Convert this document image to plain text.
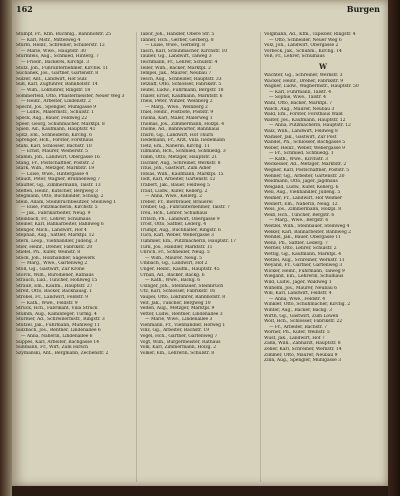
162	Burgen
Stumpf, Fr., Kfm. Buchhlg., Bahnhofstr. 25
— Karl, Mstr., Mittelweg 4
Sturm, Heinr., Schreiner, Schillerstr. 12
— Marie, Wwe., Hauptstr. 30
Sturmfels, Aug., Schmied, Hinterg. 7
— Friedr., Bäckerei, Kirchpl. 3
Stutz, Joh., Fuhrunternehmer, Kirchw. 11
Suchanek, Jos., Gärtner, Gartenstr. 8
Sulzer, Ant., Landwirt, Hof Sulz
Süß, Karl, Zugführer, Bahnhofstr. 14
— Wilh., Lokführer, Ringstr. 18
Sommerfeld, Otto, Pflastermeister, Neuer Weg 3
— Heinr., Arbeiter, Lindenstr. 2
Specht, Jos., Spengler, Mühlgasse 9
— Ludw., Malermstr., Schulstr. 1
Speck, Aug., Bauer, Feldweg 22
Speer, Georg, Schuhmacher, Marktpl. 8
Spieß, Ad., Kaufmann, Hauptstr. 41
Spitz, Em., Schneiderin, Kirchg. 6
Sprenger, Hch., Förster, Forsthaus
Stahl, Karl, Schlosser, Bachstr. 10
— Ernst, Maurer, Weiherstr. 5
Stamm, Joh., Landwirt, Obergasse 16
Stang, Fr., Postschaffner, Poststr. 2
Stark, Wilh., Metzger, Marktstr. 19
— Luise, Wwe., Hintergasse 4
Staudt, Peter, Wagner, Brunnenweg 7
Stauffer, Gg., Zimmermann, Talstr. 13
Steffen, Heinr., Kutscher, Bergweg 3
Stegmann, Otto, Buchbinder, Schulg. 2
Stein, Adam, Steinbruchbesitzer, Steinweg 1
— Elise, Putzmacherin, Kirchstr. 5
— Jak., Fabrikarbeiter, Neug. 9
Steinbach, Fr., Lehrer, Schulhaus
Steiner, Karl, Bahnarbeiter, Bahnweg 6
Stenger, Mich., Landwirt, Hof 4
Stephan, Aug., Sattler, Marktpl. 12
Stern, Leop., Viehhändler, Judeng. 3
Stier, Heinr., Dreher, Fabrikstr. 20
Stiefel, Ph., Küfer, Weinstr. 8
Stock, Joh., Holzhändler, Sägewerk
— Marg., Wwe., Gartenweg 2
Stoll, Gg., Gastwirt, Zur Krone
Storck, Wilh., Bürodiener, Rathaus
Strauch, Lud., Tüncher, Hohlweg 15
Strauß, Em., Kaufm., Hauptstr. 27
Streit, Otto, Bäcker, Backhausg. 1
Strobel, Fr., Landwirt, Feldstr. 9
— Kath., Wwe., Feldstr. 9
Struck, Hch., Fabrikant, Villa Struck
Stumm, Aug., Kaminfeger, Turmg. 4
Stürmer, Ad., Schreinermstr., Ringstr. 3
Stützel, Jak., Fuhrmann, Mühlweg 11
Sulzbach, Jos., Rentner, Lindenallee 6
— Anna, Näherin, Lindenallee 6
Suppes, Karl, Arbeiter, Bachgasse 14
Süßmann, Fr., Wirt, Zum Hirsch
Szymanski, Ant., Bergmann, Zechenstr. 2
Tabor, Joh., Händler, Obere Str. 5
Tanner, Hch., Gerber, Gerberg. 8
— Luise, Wwe., Gerberg. 8
Tasch, Karl, Schuhmacher, Kirchstr. 10
Tauber, Gg., Landwirt, Talweg 3
Teichmann, Fr., Lehrer, Schulstr. 4
Teller, Wilh., Bäcker, Marktpl. 2
Tempel, Jak., Maurer, Neubau 7
Tesch, Aug., Schneider, Hauptstr. 33
Tetzlaff, Otto, Schlosser, Fabrikstr. 5
Teufel, Ludw., Fuhrmann, Bergstr. 18
Thaler, Ernst, Kaufmann, Marktstr. 6
Theis, Peter, Winzer, Weinberg 2
— Marg., Wwe., Weinberg 2
Thiel, Heinr., Postbote, Poststr. 9
Thoma, Karl, Maler, Malerweg 1
Thomas, Jos., Zimmermann, Holzpl. 4
Thome, Ad., Bahnwärter, Bahnhaus
Thurn, Gg., Landwirt, Hof Thurn
Tiedemann, Fr., Arzt, Villa Tiedemann
Tietz, Em., Näherin, Kirchg. 11
Tillmann, Hch., Schmied, Schmiedg. 3
Timm, Otto, Metzger, Hauptstr. 21
Tischler, Aug., Schreiner, Werkstr. 8
Titus, Joh., Gastwirt, Zum Adler
Tobias, Wilh., Kaufmann, Marktpl. 15
Todt, Karl, Arbeiter, Gartenstr. 12
Trabert, Jak., Bauer, Feldweg 5
Traut, Ludw., Küfer, Kellerg. 2
— Anna, Wwe., Kellerg. 2
Treber, Fr., Bierbrauer, Brauerei
Treiber, Gg., Fuhrunternehmer, Talstr. 7
Treu, Hch., Lehrer, Schulhaus
Tritsch, Ph., Landwirt, Obergasse 9
Trost, Otto, Sattler, Lederg. 4
Trumpf, Aug., Buchhalter, Ringstr. 6
Tuch, Karl, Weber, Webergasse 3
Tümmler, Em., Putzmacherin, Hauptstr. 17
Türk, Jos., Händler, Marktstr. 11
Ullrich, Fr., Schneider, Neug. 5
— Wilh., Maurer, Neug. 5
Umbach, Gg., Landwirt, Hof 2
Unger, Heinr., Kaufm., Hauptstr. 45
Urban, Ad., Bäcker, Backg. 6
— Kath., Wwe., Backg. 6
Usinger, Joh., Steinhauer, Steinbruch
Utz, Karl, Schlosser, Fabrikstr. 16
Vaupel, Otto, Lokführer, Bahnhofstr. 8
Veit, Jak., Tüncher, Bergweg 10
Velten, Aug., Metzger, Marktpl. 9
Vetter, Ludw., Rentner, Lindenallee 3
— Marie, Wwe., Lindenallee 3
Viehmann, Fr., Viehhändler, Hofweg 1
Vinz, Gg., Arbeiter, Bachstr. 19
Vogel, Hch., Gärtner, Gartenweg 7
Vogt, Wilh., Bürgermeister, Rathaus
Volk, Karl, Zimmermann, Holzg. 2
Völker, Em., Lehrerin, Schulstr. 8
Volgmann, Ad., Kfm., Tapezier, Ringstr. 4
— Otto, Schneider, Neuer Weg 6
Volz, Joh., Landwirt, Obergasse 2
Vorbeck, Jak., Schuhm., Kirchg. 14
Voß, Fr., Lehrer, Schulhaus
W
Wachter, Gg., Schreiner, Werkstr. 3
Wacker, Heinr., Dreher, Fabrikstr. 9
Wagner, Ludw., Wagnermstr., Hauptstr. 50
— Karl, Fuhrmann, Talstr. 4
— Sophie, Wwe., Talstr. 4
Wahl, Otto, Bäcker, Marktpl. 7
Walch, Aug., Maurer, Neubau 3
Wald, Em., Förster, Forsthaus Wald
Walter, Jos., Kaufmann, Hauptstr. 12
— Anna, Putzmacherin, Hauptstr. 12
Walz, Wilh., Landwirt, Feldweg 8
Wamser, Jak., Gastwirt, Zur Post
Wandel, Ph., Schlosser, Bachgasse 5
Weber, Heinr., Weber, Webergasse 9
— Fr., Schmied, Schmiedg. 1
— Kath., Wwe., Kirchstr. 3
Weckesser, Ad., Metzger, Marktstr. 2
Wegner, Karl, Postschaffner, Poststr. 5
Wehner, Gg., Arbeiter, Gartenstr. 20
Weidmann, Otto, Jäger, Jagdhaus
Weigand, Ludw., Küfer, Kellerg. 6
Weil, Aug., Viehhändler, Judeng. 5
Weimer, Fr., Landwirt, Hof Weimer
Weinert, Em., Näherin, Neug. 12
Weis, Jos., Zimmermann, Holzpl. 8
Weiß, Hch., Tüncher, Bergstr. 6
— Marg., Wwe., Bergstr. 6
Weitzel, Wilh., Steinhauer, Steinweg 4
Welker, Karl, Bahnarbeiter, Bahnweg 2
Wendel, Jak., Bauer, Obergasse 11
Wenz, Ph., Sattler, Lederg. 7
Werner, Otto, Lehrer, Schulstr. 2
Wettig, Gg., Kaufmann, Marktpl. 4
Wetzel, Aug., Schreiner, Werkstr. 11
Weyand, Fr., Gärtner, Gartenweg 3
Wicker, Heinr., Fuhrmann, Talweg 9
Wiegand, Em., Lehrerin, Schulhaus
Wild, Ludw., Jäger, Waldweg 1
Wilhelm, Jos., Maurer, Neubau 6
Will, Karl, Landwirt, Feldstr. 4
— Anna, Wwe., Feldstr. 4
Winkler, Otto, Schuhmacher, Kirchg. 2
Winter, Aug., Bäcker, Backg. 3
Wirth, Gg., Gastwirt, Zum Löwen
Wolf, Hch., Schlosser, Fabrikstr. 22
— Fr., Arbeiter, Bachstr. 7
Wörner, Ph., Küfer, Weinstr. 5
Wüst, Jak., Landwirt, Hof 7
Zahn, Wilh., Zahnarzt, Hauptstr. 8
Zeller, Karl, Schreiner, Werkstr. 14
Zimmer, Otto, Maurer, Neubau 9
Zinn, Aug., Spengler, Mühlgasse 3
